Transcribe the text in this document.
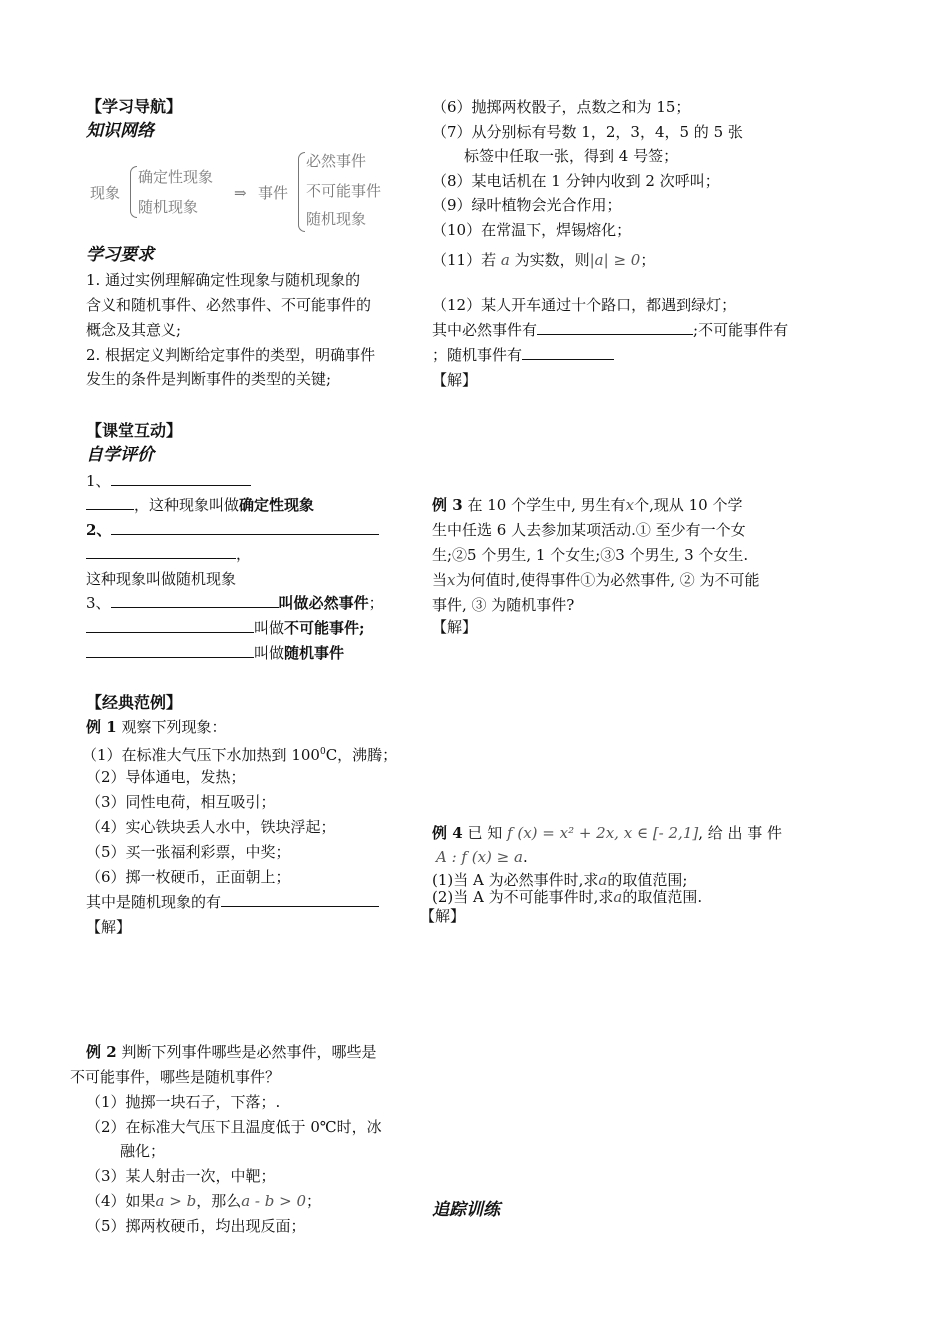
【学习导航】
知识网络
现象
确定性现象
随机现象
⇒ 事件
必然事件
不可能事件
随机现象
学习要求
1. 通过实例理解确定性现象与随机现象的
含义和随机事件、必然事件、不可能事件的
概念及其意义;
2. 根据定义判断给定事件的类型，明确事件
发生的条件是判断事件的类型的关键;
【课堂互动】
自学评价
1、
，这种现象叫做确定性现象
2、
，
这种现象叫做随机现象
3、	叫做必然事件；
叫做不可能事件;
叫做随机事件
【经典范例】
例 1 观察下列现象：
（1）在标准大气压下水加热到 $100^0C$，沸腾；
（2）导体通电，发热；
（3）同性电荷，相互吸引；
（4）实心铁块丢人水中，铁块浮起；
（5）买一张福利彩票，中奖；
（6）掷一枚硬币，正面朝上；
其中是随机现象的有
【解】
例 2 判断下列事件哪些是必然事件，哪些是
不可能事件，哪些是随机事件？
（1）抛掷一块石子，下落；.
（2）在标准大气压下且温度低于 0℃时，冰
融化；
（3）某人射击一次，中靶；
（4）如果a > b，那么a - b > 0；
（5）掷两枚硬币，均出现反面；
（6）抛掷两枚骰子，点数之和为 15；
（7）从分别标有号数 1，2，3，4，5 的 5 张
标签中任取一张，得到 4 号签；
（8）某电话机在 1 分钟内收到 2 次呼叫；
（9）绿叶植物会光合作用；
（10）在常温下，焊锡熔化；
（11）若 a 为实数，则|a| ≥ 0；
（12）某人开车通过十个路口，都遇到绿灯；
其中必然事件有	;不可能事件有
；随机事件有
【解】
例 3 在 10 个学生中, 男生有x个,现从 10 个学
生中任选 6 人去参加某项活动.① 至少有一个女
生;②5 个男生, 1 个女生;③3 个男生, 3 个女生.
当x为何值时,使得事件①为必然事件, ② 为不可能
事件, ③ 为随机事件?
【解】
例 4 已 知 f (x) = x² + 2x, x ∈ [- 2,1], 给 出 事 件
A : f (x) ≥ a.
(1)当 A 为必然事件时,求a的取值范围;
(2)当 A 为不可能事件时,求a的取值范围.
【解】
追踪训练
